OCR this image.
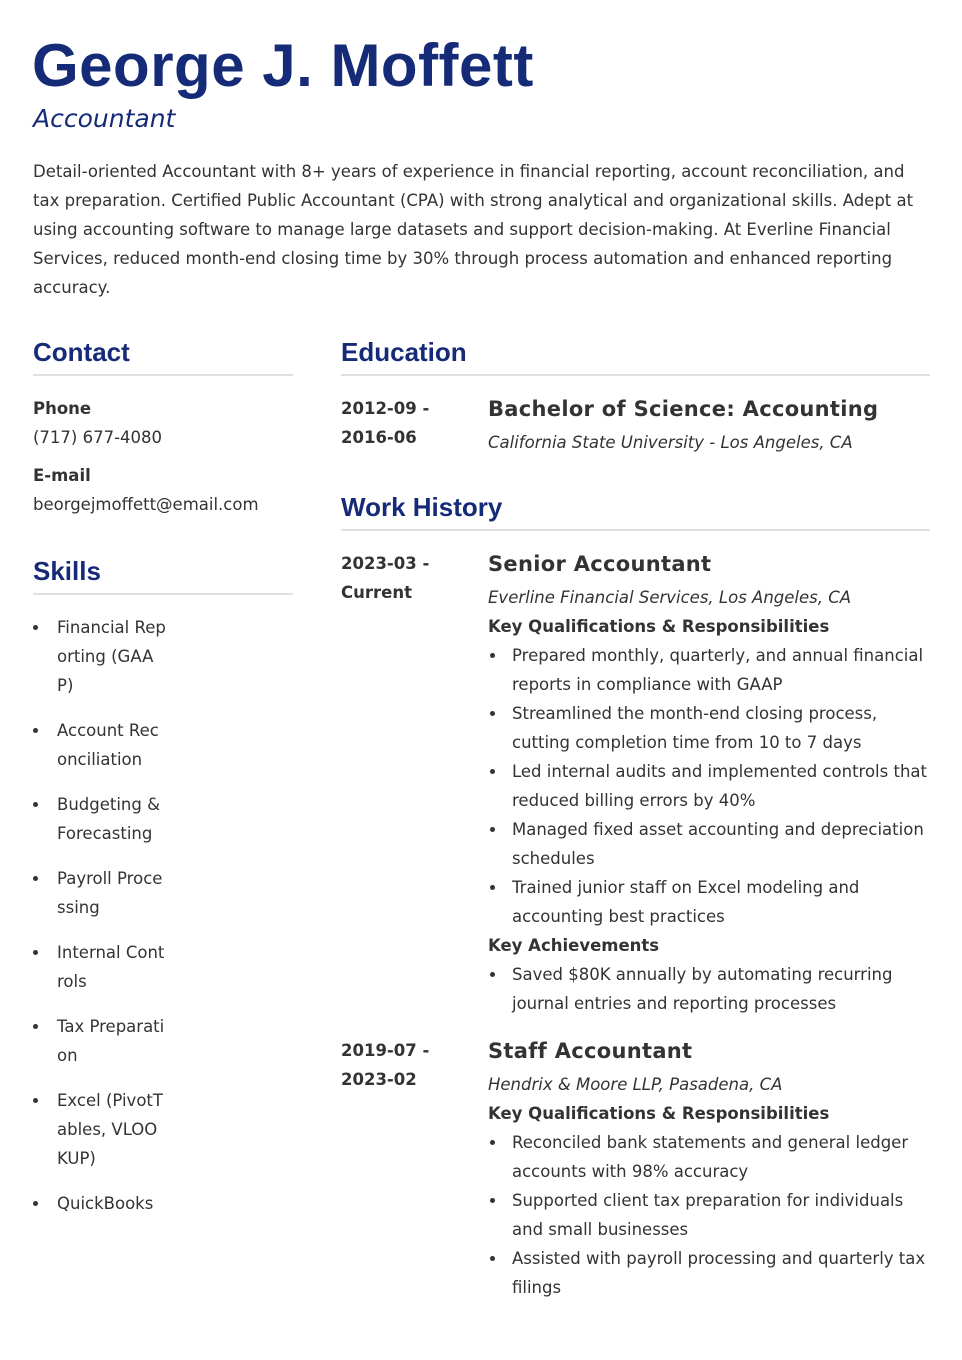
George J. Moffett
Accountant

Detail-oriented Accountant with 8+ years of experience in financial reporting, account reconciliation, and tax preparation. Certified Public Accountant (CPA) with strong analytical and organizational skills. Adept at using accounting software to manage large datasets and support decision-making. At Everline Financial Services, reduced month-end closing time by 30% through process automation and enhanced reporting accuracy.

Contact
Phone
(717) 677-4080
E-mail
beorgejmoffett@email.com
Skills
Financial Reporting (GAAP)
Account Reconciliation
Budgeting & Forecasting
Payroll Processing
Internal Controls
Tax Preparation
Excel (PivotTables, VLOOKUP)
QuickBooks
Education
2012-09 -
2016-06
Bachelor of Science: Accounting
California State University - Los Angeles, CA
Work History
2023-03 -
Current
Senior Accountant
Everline Financial Services, Los Angeles, CA
Key Qualifications & Responsibilities
Prepared monthly, quarterly, and annual financial reports in compliance with GAAP
Streamlined the month-end closing process, cutting completion time from 10 to 7 days
Led internal audits and implemented controls that reduced billing errors by 40%
Managed fixed asset accounting and depreciation schedules
Trained junior staff on Excel modeling and accounting best practices
Key Achievements
Saved $80K annually by automating recurring journal entries and reporting processes
2019-07 -
2023-02
Staff Accountant
Hendrix & Moore LLP, Pasadena, CA
Key Qualifications & Responsibilities
Reconciled bank statements and general ledger accounts with 98% accuracy
Supported client tax preparation for individuals and small businesses
Assisted with payroll processing and quarterly tax filings
